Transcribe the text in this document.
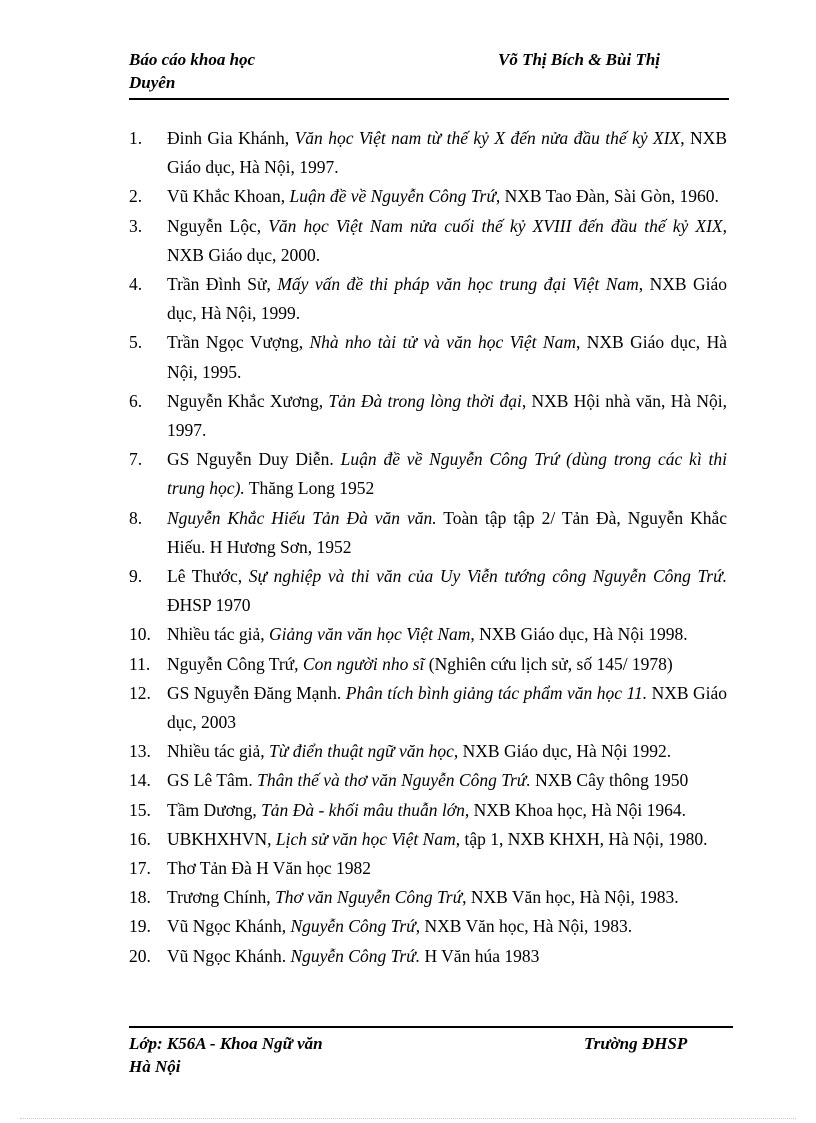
Báo cáo khoa học	Võ Thị Bích & Bùi Thị
Duyên
1.	Đinh Gia Khánh, Văn học Việt nam từ thế kỷ X đến nửa đầu thế kỷ XIX, NXB Giáo dục, Hà Nội, 1997.
2.	Vũ Khắc Khoan, Luận đề về Nguyễn Công Trứ, NXB Tao Đàn, Sài Gòn, 1960.
3.	Nguyễn Lộc, Văn học Việt Nam nửa cuối thế kỷ XVIII đến đầu thế kỷ XIX, NXB Giáo dục, 2000.
4.	Trần Đình Sử, Mấy vấn đề thi pháp văn học trung đại Việt Nam, NXB Giáo dục, Hà Nội, 1999.
5.	Trần Ngọc Vượng, Nhà nho tài tử và văn học Việt Nam, NXB Giáo dục, Hà Nội, 1995.
6.	Nguyễn Khắc Xương, Tản Đà trong lòng thời đại, NXB Hội nhà văn, Hà Nội, 1997.
7.	GS Nguyễn Duy Diễn. Luận đề về Nguyễn Công Trứ (dùng trong các kì thi trung học). Thăng Long 1952
8.	Nguyễn Khắc Hiếu Tản Đà văn văn. Toàn tập tập 2/ Tản Đà, Nguyễn Khắc Hiếu. H Hương Sơn, 1952
9.	Lê Thước, Sự nghiệp và thi văn của Uy Viễn tướng công Nguyễn Công Trứ. ĐHSP 1970
10. Nhiều tác giả, Giảng văn văn học Việt Nam, NXB Giáo dục, Hà Nội 1998.
11. Nguyễn Công Trứ, Con người nho sĩ (Nghiên cứu lịch sử, số 145/ 1978)
12. GS Nguyễn Đăng Mạnh. Phân tích bình giảng tác phẩm văn học 11. NXB Giáo dục, 2003
13. Nhiều tác giả, Từ điển thuật ngữ văn học, NXB Giáo dục, Hà Nội 1992.
14. GS Lê Tâm. Thân thế và thơ văn Nguyễn Công Trứ. NXB Cây thông 1950
15. Tầm Dương, Tản Đà - khối mâu thuẫn lớn, NXB Khoa học, Hà Nội 1964.
16. UBKHXHVN, Lịch sử văn học Việt Nam, tập 1, NXB KHXH, Hà Nội, 1980.
17. Thơ Tản Đà H Văn học 1982
18. Trương Chính, Thơ văn Nguyễn Công Trứ, NXB Văn học, Hà Nội, 1983.
19. Vũ Ngọc Khánh, Nguyễn Công Trứ, NXB Văn học, Hà Nội, 1983.
20. Vũ Ngọc Khánh. Nguyễn Công Trứ. H Văn húa 1983
Lớp: K56A - Khoa Ngữ văn	Trường ĐHSP
Hà Nội
